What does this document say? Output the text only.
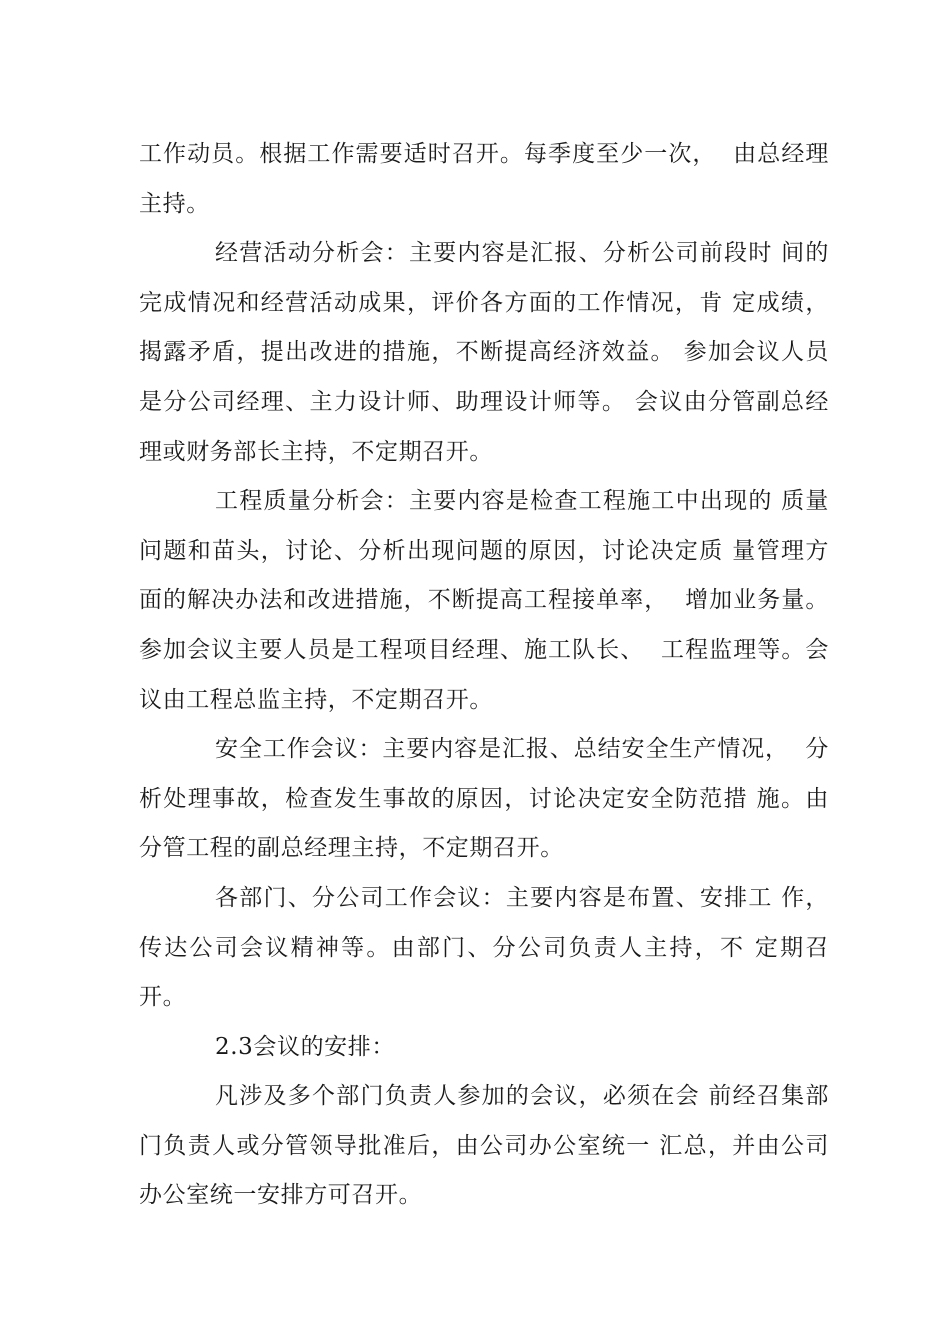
工作动员。根据工作需要适时召开。每季度至少一次，  由总经理
主持。
经营活动分析会：主要内容是汇报、分析公司前段时 间的
完成情况和经营活动成果，评价各方面的工作情况，肯 定成绩，
揭露矛盾，提出改进的措施，不断提高经济效益。 参加会议人员
是分公司经理、主力设计师、助理设计师等。 会议由分管副总经
理或财务部长主持，不定期召开。
工程质量分析会：主要内容是检查工程施工中出现的 质量
问题和苗头，讨论、分析出现问题的原因，讨论决定质 量管理方
面的解决办法和改进措施，不断提高工程接单率，  增加业务量。
参加会议主要人员是工程项目经理、施工队长、  工程监理等。会
议由工程总监主持，不定期召开。
安全工作会议：主要内容是汇报、总结安全生产情况，  分
析处理事故，检查发生事故的原因，讨论决定安全防范措 施。由
分管工程的副总经理主持，不定期召开。
各部门、分公司工作会议：主要内容是布置、安排工 作，
传达公司会议精神等。由部门、分公司负责人主持，不 定期召
开。
2.3会议的安排：
凡涉及多个部门负责人参加的会议，必须在会 前经召集部
门负责人或分管领导批准后，由公司办公室统一 汇总，并由公司
办公室统一安排方可召开。
